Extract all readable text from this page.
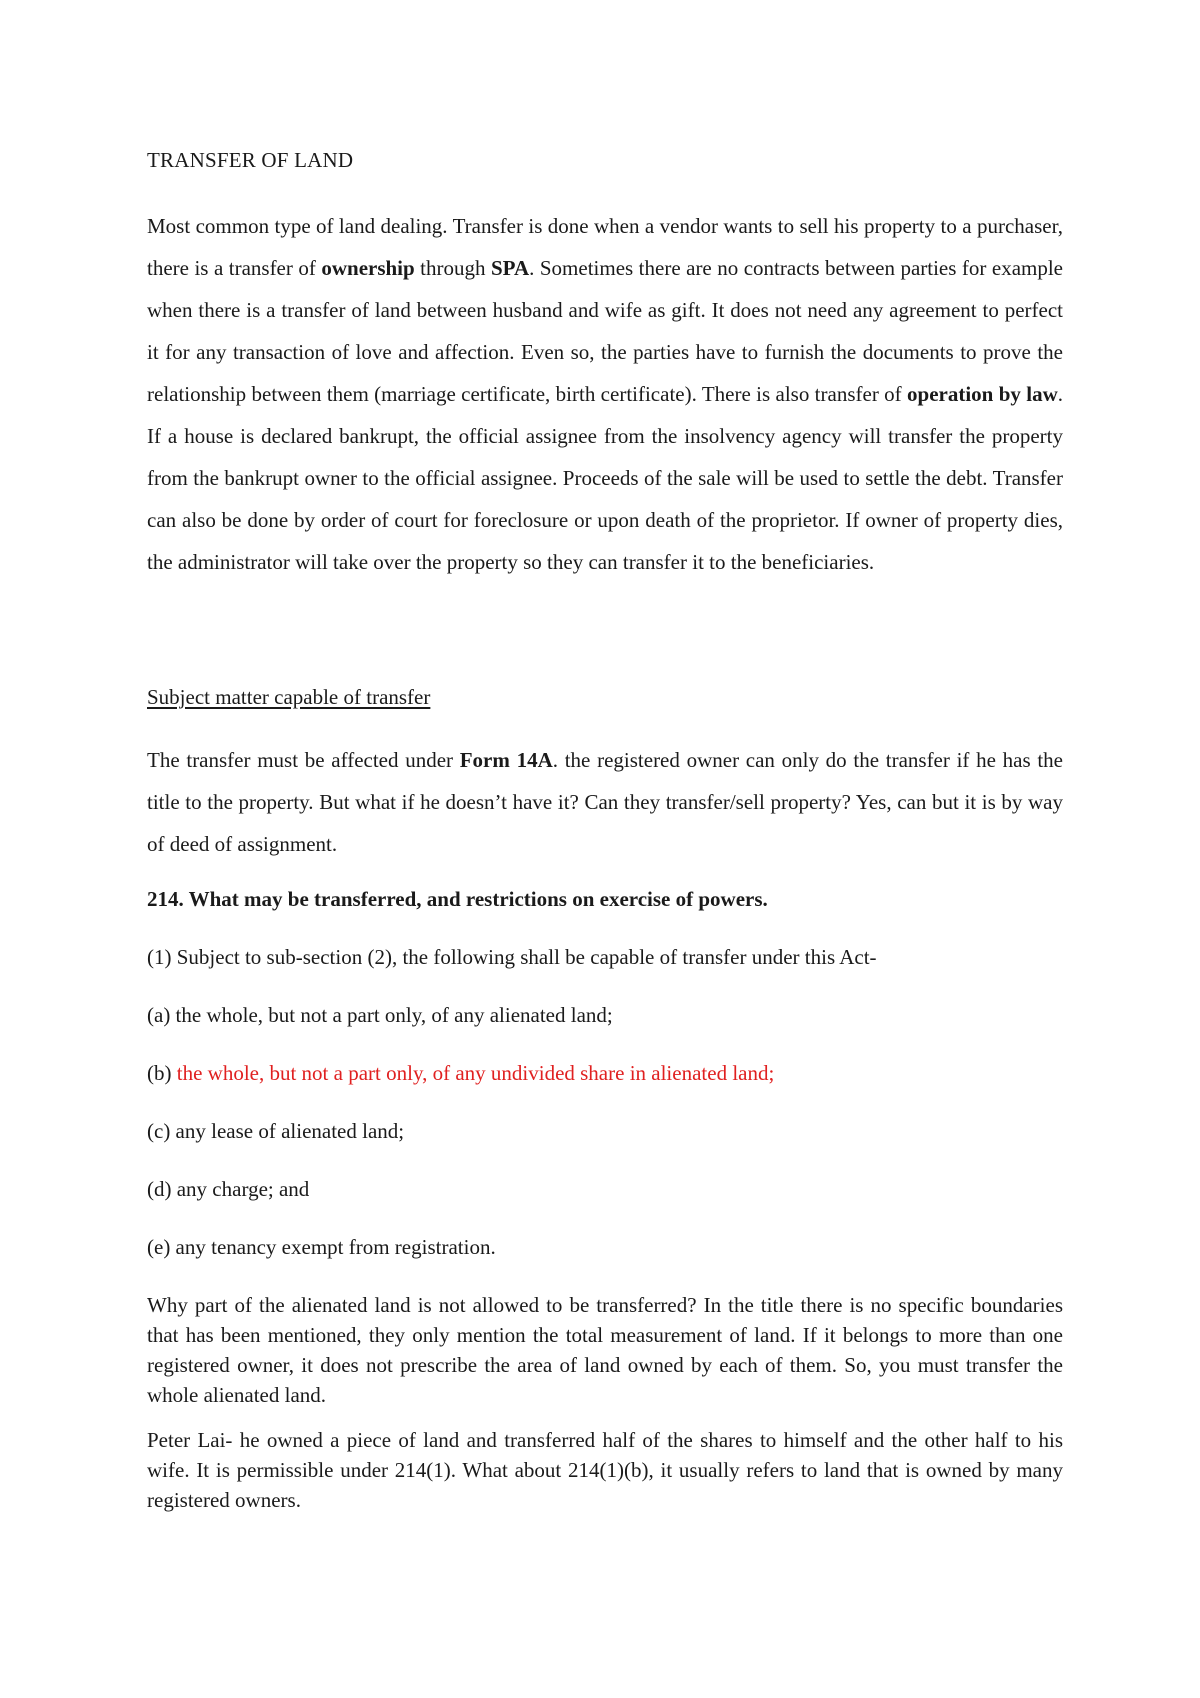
TRANSFER OF LAND

Most common type of land dealing. Transfer is done when a vendor wants to sell his property to a purchaser, there is a transfer of ownership through SPA. Sometimes there are no contracts between parties for example when there is a transfer of land between husband and wife as gift. It does not need any agreement to perfect it for any transaction of love and affection. Even so, the parties have to furnish the documents to prove the relationship between them (marriage certificate, birth certificate). There is also transfer of operation by law. If a house is declared bankrupt, the official assignee from the insolvency agency will transfer the property from the bankrupt owner to the official assignee. Proceeds of the sale will be used to settle the debt. Transfer can also be done by order of court for foreclosure or upon death of the proprietor. If owner of property dies, the administrator will take over the property so they can transfer it to the beneficiaries.

Subject matter capable of transfer

The transfer must be affected under Form 14A. the registered owner can only do the transfer if he has the title to the property. But what if he doesn’t have it? Can they transfer/sell property? Yes, can but it is by way of deed of assignment.

214. What may be transferred, and restrictions on exercise of powers.

(1) Subject to sub-section (2), the following shall be capable of transfer under this Act-

(a) the whole, but not a part only, of any alienated land;

(b) the whole, but not a part only, of any undivided share in alienated land;

(c) any lease of alienated land;

(d) any charge; and

(e) any tenancy exempt from registration.

Why part of the alienated land is not allowed to be transferred? In the title there is no specific boundaries that has been mentioned, they only mention the total measurement of land. If it belongs to more than one registered owner, it does not prescribe the area of land owned by each of them. So, you must transfer the whole alienated land.

Peter Lai- he owned a piece of land and transferred half of the shares to himself and the other half to his wife. It is permissible under 214(1). What about 214(1)(b), it usually refers to land that is owned by many registered owners.
